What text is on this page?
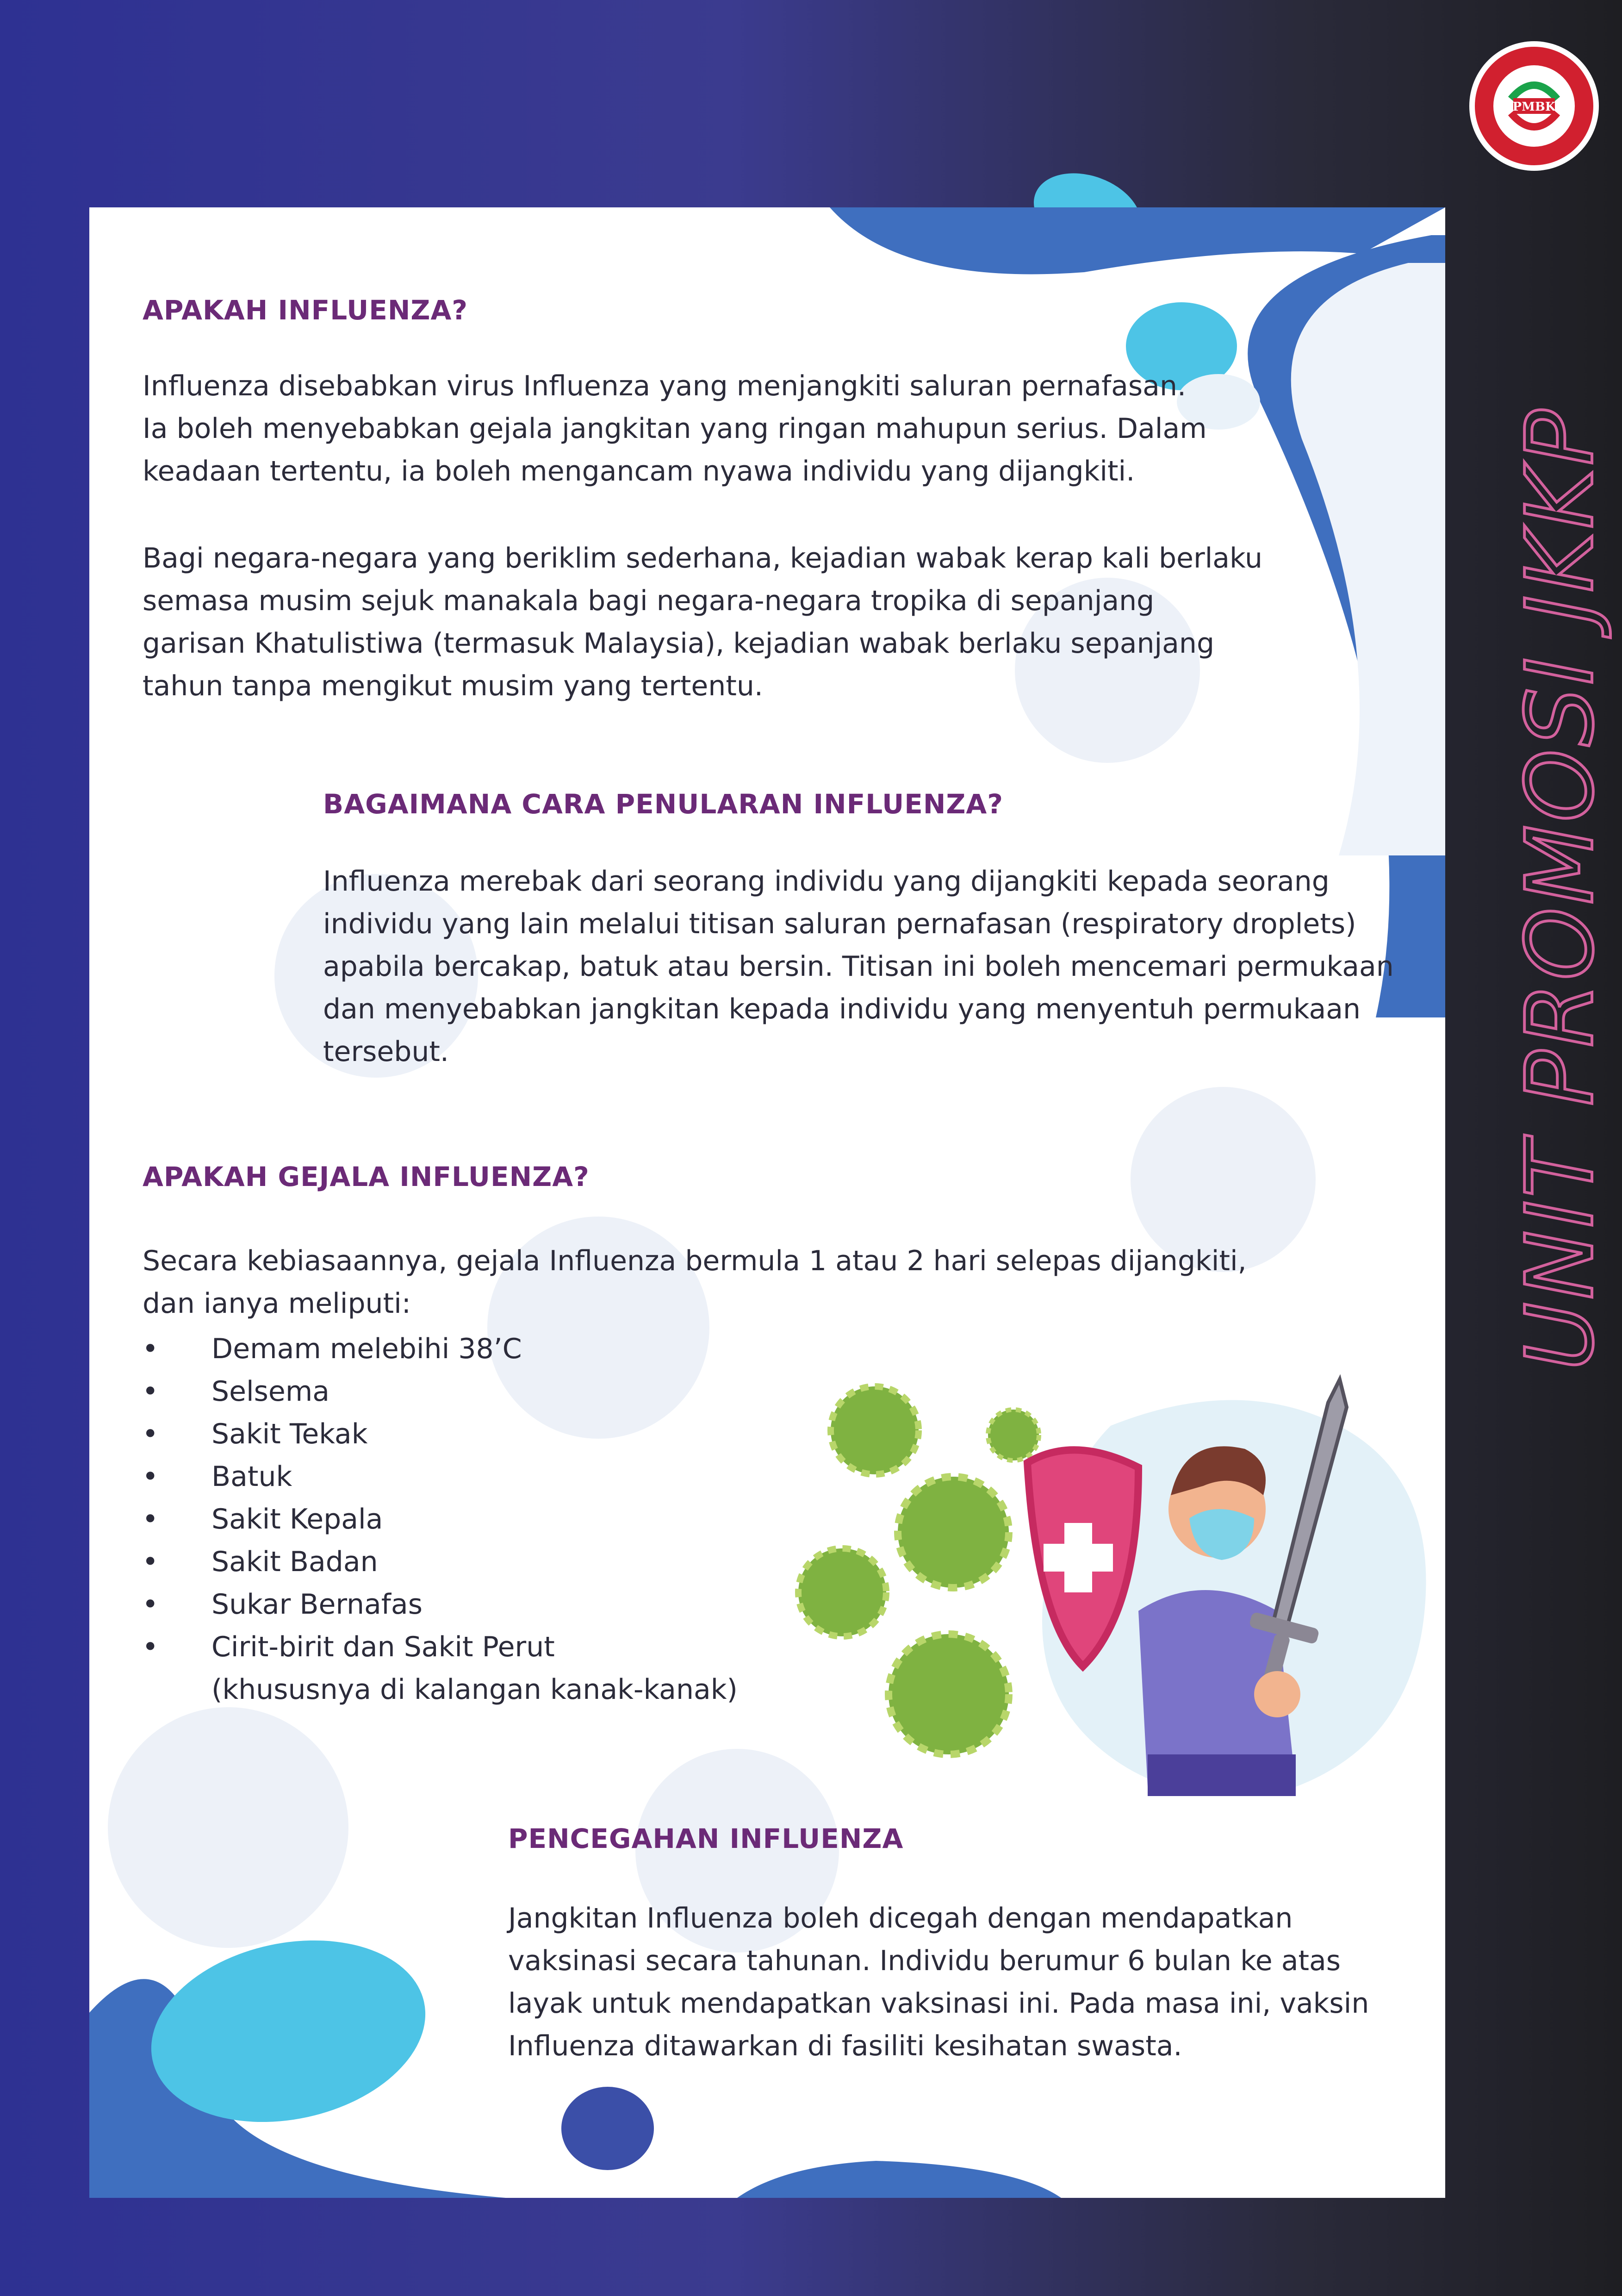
PMBK
UNIT PROMOSI JKKP
APAKAH INFLUENZA?
Influenza disebabkan virus Influenza yang menjangkiti saluran pernafasan.
Ia boleh menyebabkan gejala jangkitan yang ringan mahupun serius. Dalam
keadaan tertentu, ia boleh mengancam nyawa individu yang dijangkiti.
Bagi negara-negara yang beriklim sederhana, kejadian wabak kerap kali berlaku
semasa musim sejuk manakala bagi negara-negara tropika di sepanjang
garisan Khatulistiwa (termasuk Malaysia), kejadian wabak berlaku sepanjang
tahun tanpa mengikut musim yang tertentu.
BAGAIMANA CARA PENULARAN INFLUENZA?
Influenza merebak dari seorang individu yang dijangkiti kepada seorang
individu yang lain melalui titisan saluran pernafasan (respiratory droplets)
apabila bercakap, batuk atau bersin. Titisan ini boleh mencemari permukaan
dan menyebabkan jangkitan kepada individu yang menyentuh permukaan
tersebut.
APAKAH GEJALA INFLUENZA?
Secara kebiasaannya, gejala Influenza bermula 1 atau 2 hari selepas dijangkiti,
dan ianya meliputi:
PENCEGAHAN INFLUENZA
Jangkitan Influenza boleh dicegah dengan mendapatkan
vaksinasi secara tahunan. Individu berumur 6 bulan ke atas
layak untuk mendapatkan vaksinasi ini. Pada masa ini, vaksin
Influenza ditawarkan di fasiliti kesihatan swasta.
• Demam melebihi 38’C
• Selsema
• Sakit Tekak
• Batuk
• Sakit Kepala
• Sakit Badan
• Sukar Bernafas
• Cirit-birit dan Sakit Perut
(khususnya di kalangan kanak-kanak)
